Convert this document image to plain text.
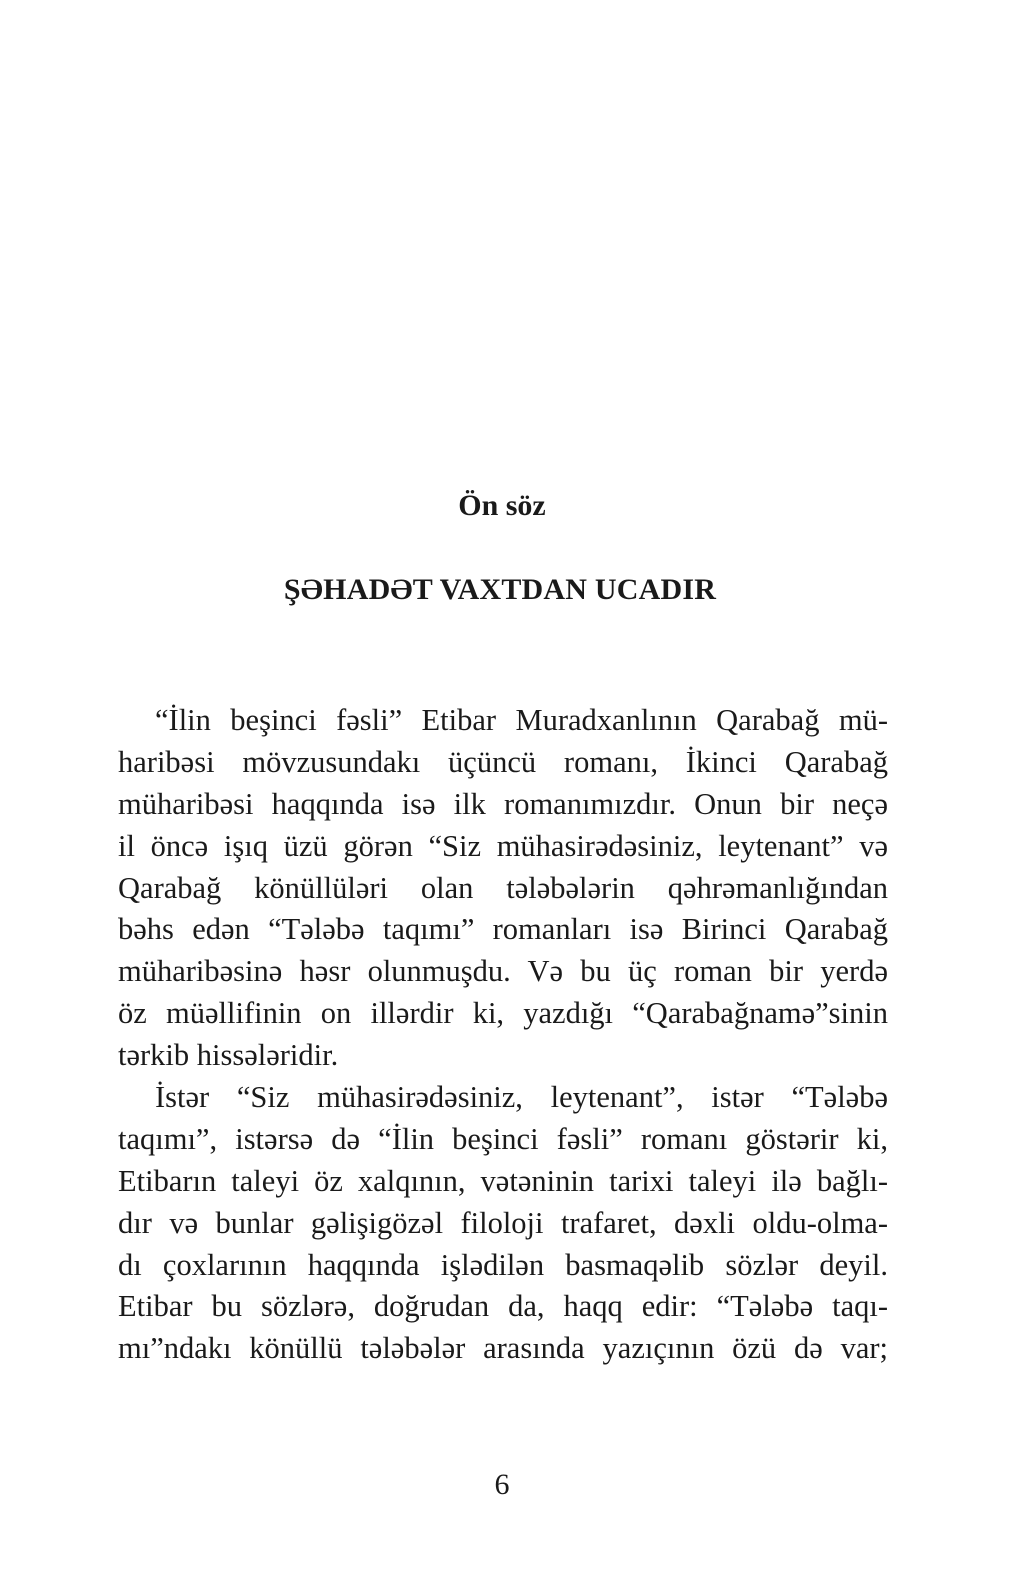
Ön söz
ŞƏHADƏT VAXTDAN UCADIR
“İlin beşinci fəsli” Etibar Muradxanlının Qarabağ mü-
haribəsi mövzusundakı üçüncü romanı, İkinci Qarabağ
müharibəsi haqqında isə ilk romanımızdır. Onun bir neçə
il öncə işıq üzü görən “Siz mühasirədəsiniz, leytenant” və
Qarabağ könüllüləri olan tələbələrin qəhrəmanlığından
bəhs edən “Tələbə taqımı” romanları isə Birinci Qarabağ
müharibəsinə həsr olunmuşdu. Və bu üç roman bir yerdə
öz müəllifinin on illərdir ki, yazdığı “Qarabağnamə”sinin
tərkib hissələridir.
İstər “Siz mühasirədəsiniz, leytenant”, istər “Tələbə
taqımı”, istərsə də “İlin beşinci fəsli” romanı göstərir ki,
Etibarın taleyi öz xalqının, vətəninin tarixi taleyi ilə bağlı-
dır və bunlar gəlişigözəl filoloji trafaret, dəxli oldu-olma-
dı çoxlarının haqqında işlədilən basmaqəlib sözlər deyil.
Etibar bu sözlərə, doğrudan da, haqq edir: “Tələbə taqı-
mı”ndakı könüllü tələbələr arasında yazıçının özü də var;
6
